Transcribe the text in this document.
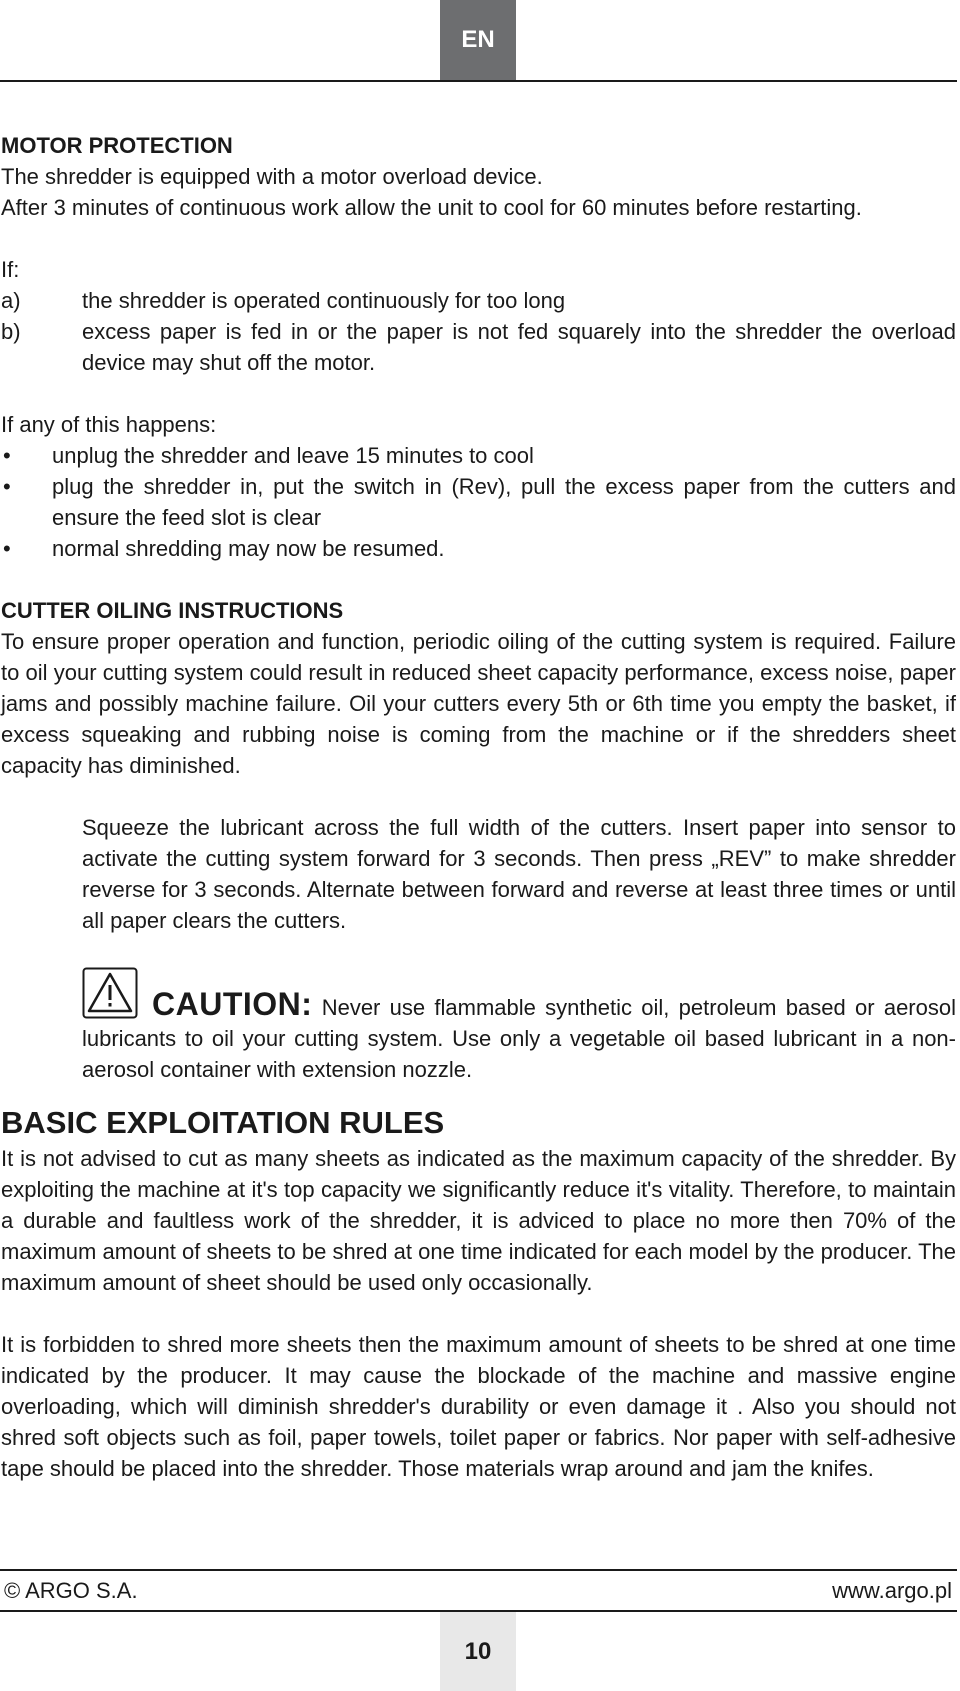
EN
MOTOR PROTECTION

The shredder is equipped with a motor overload device.

After 3 minutes of continuous work allow the unit to cool for 60 minutes before restarting.

If:

a)	the shredder is operated continuously for too long
b)	excess paper is fed in or the paper is not fed squarely into the shredder the overload device may shut off the motor.

If any of this happens:

•	unplug the shredder and leave 15 minutes to cool
•	plug the shredder in, put the switch in (Rev), pull the excess paper from the cutters and ensure the feed slot is clear
•	normal shredding may now be resumed.
CUTTER OILING INSTRUCTIONS

To ensure proper operation and function, periodic oiling of the cutting system is required. Failure to oil your cutting system could result in reduced sheet capacity performance, excess noise, paper jams and possibly machine failure. Oil your cutters every 5th or 6th time you empty the basket, if excess squeaking and rubbing noise is coming from the machine or if the shredders sheet capacity has diminished.

Squeeze the lubricant across the full width of the cutters. Insert paper into sensor to activate the cutting system forward for 3 seconds. Then press „REV” to make shredder reverse for 3 seconds. Alternate between forward and reverse at least three times or until all paper clears the cutters.

CAUTION: Never use flammable synthetic oil, petroleum based or aerosol lubricants to oil your cutting system. Use only a vegetable oil based lubricant in a non-aerosol container with extension nozzle.
BASIC EXPLOITATION RULES

It is not advised to cut as many sheets as indicated as the maximum capacity of the shredder. By exploiting the machine at it's top capacity we significantly reduce it's vitality. Therefore, to maintain a durable and faultless work of the shredder, it is adviced to place no more then 70% of the maximum amount of sheets to be shred at one time indicated for each model by the producer. The maximum amount of sheet should be used only occasionally.

It is forbidden to shred more sheets then the maximum amount of sheets to be shred at one time indicated by the producer. It may cause the blockade of the machine and massive engine overloading, which will diminish shredder's durability or even damage it . Also you should not shred soft objects such as foil, paper towels, toilet paper or fabrics. Nor paper with self-adhesive tape should be placed into the shredder. Those materials wrap around and jam the knifes.

© ARGO S.A.	www.argo.pl
10
